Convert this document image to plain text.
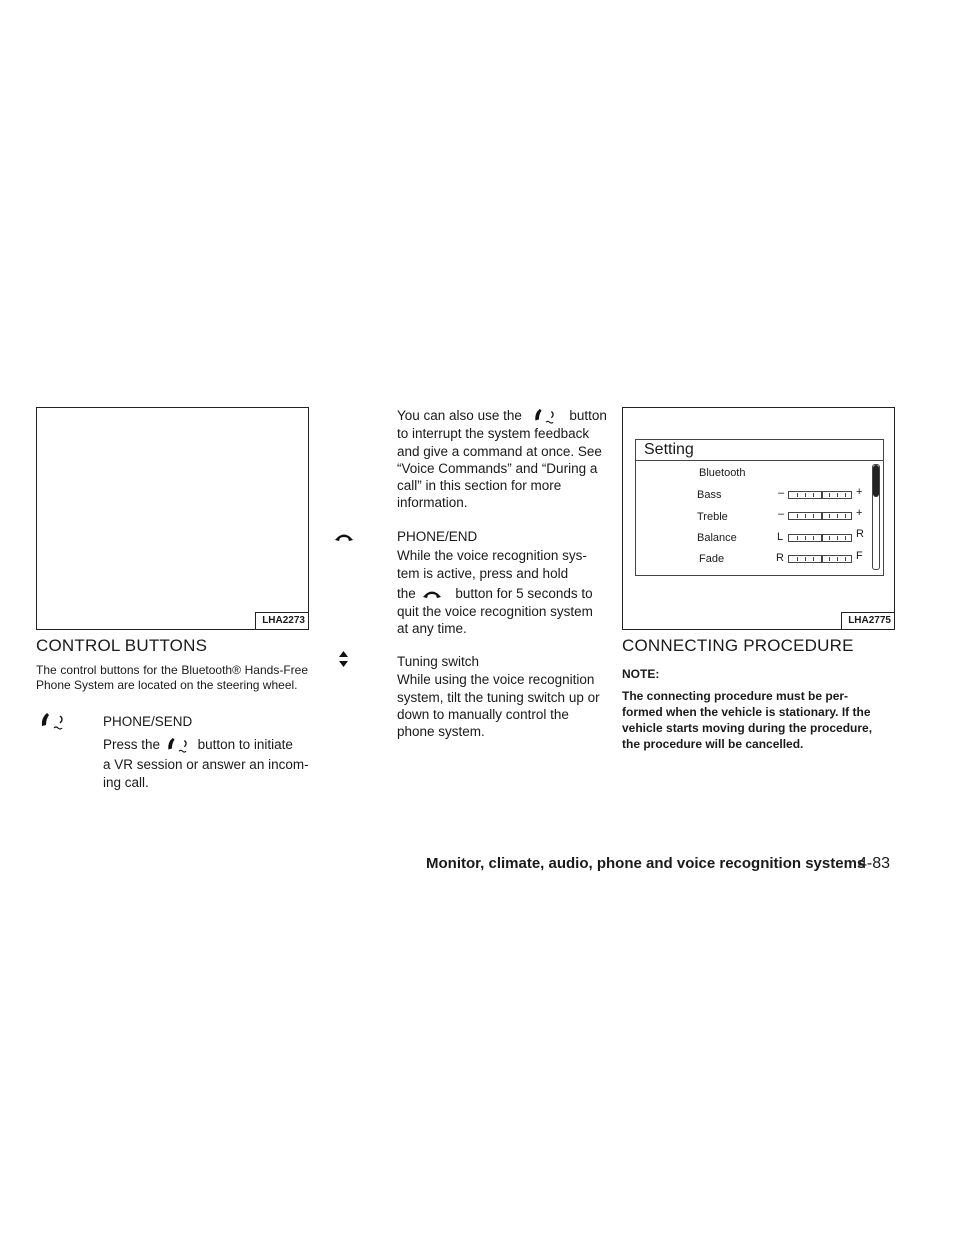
LHA2273
CONTROL BUTTONS
The control buttons for the Bluetooth® Hands-Free Phone System are located on the steering wheel.
PHONE/SEND
Press the	button to initiate
a VR session or answer an incom-
ing call.
You can also use the	button
to interrupt the system feedback
and give a command at once. See
“Voice Commands” and “During a
call” in this section for more
information.
PHONE/END
While the voice recognition sys-
tem is active, press and hold
the	button for 5 seconds to
quit the voice recognition system
at any time.
Tuning switch
While using the voice recognition
system, tilt the tuning switch up or
down to manually control the
phone system.
Setting
Bluetooth
Bass	–	+
Treble	–	+
Balance	L	R
Fade	R	F
LHA2775
CONNECTING PROCEDURE
NOTE:
The connecting procedure must be per-
formed when the vehicle is stationary. If the
vehicle starts moving during the procedure,
the procedure will be cancelled.
Monitor, climate, audio, phone and voice recognition systems
4-83
